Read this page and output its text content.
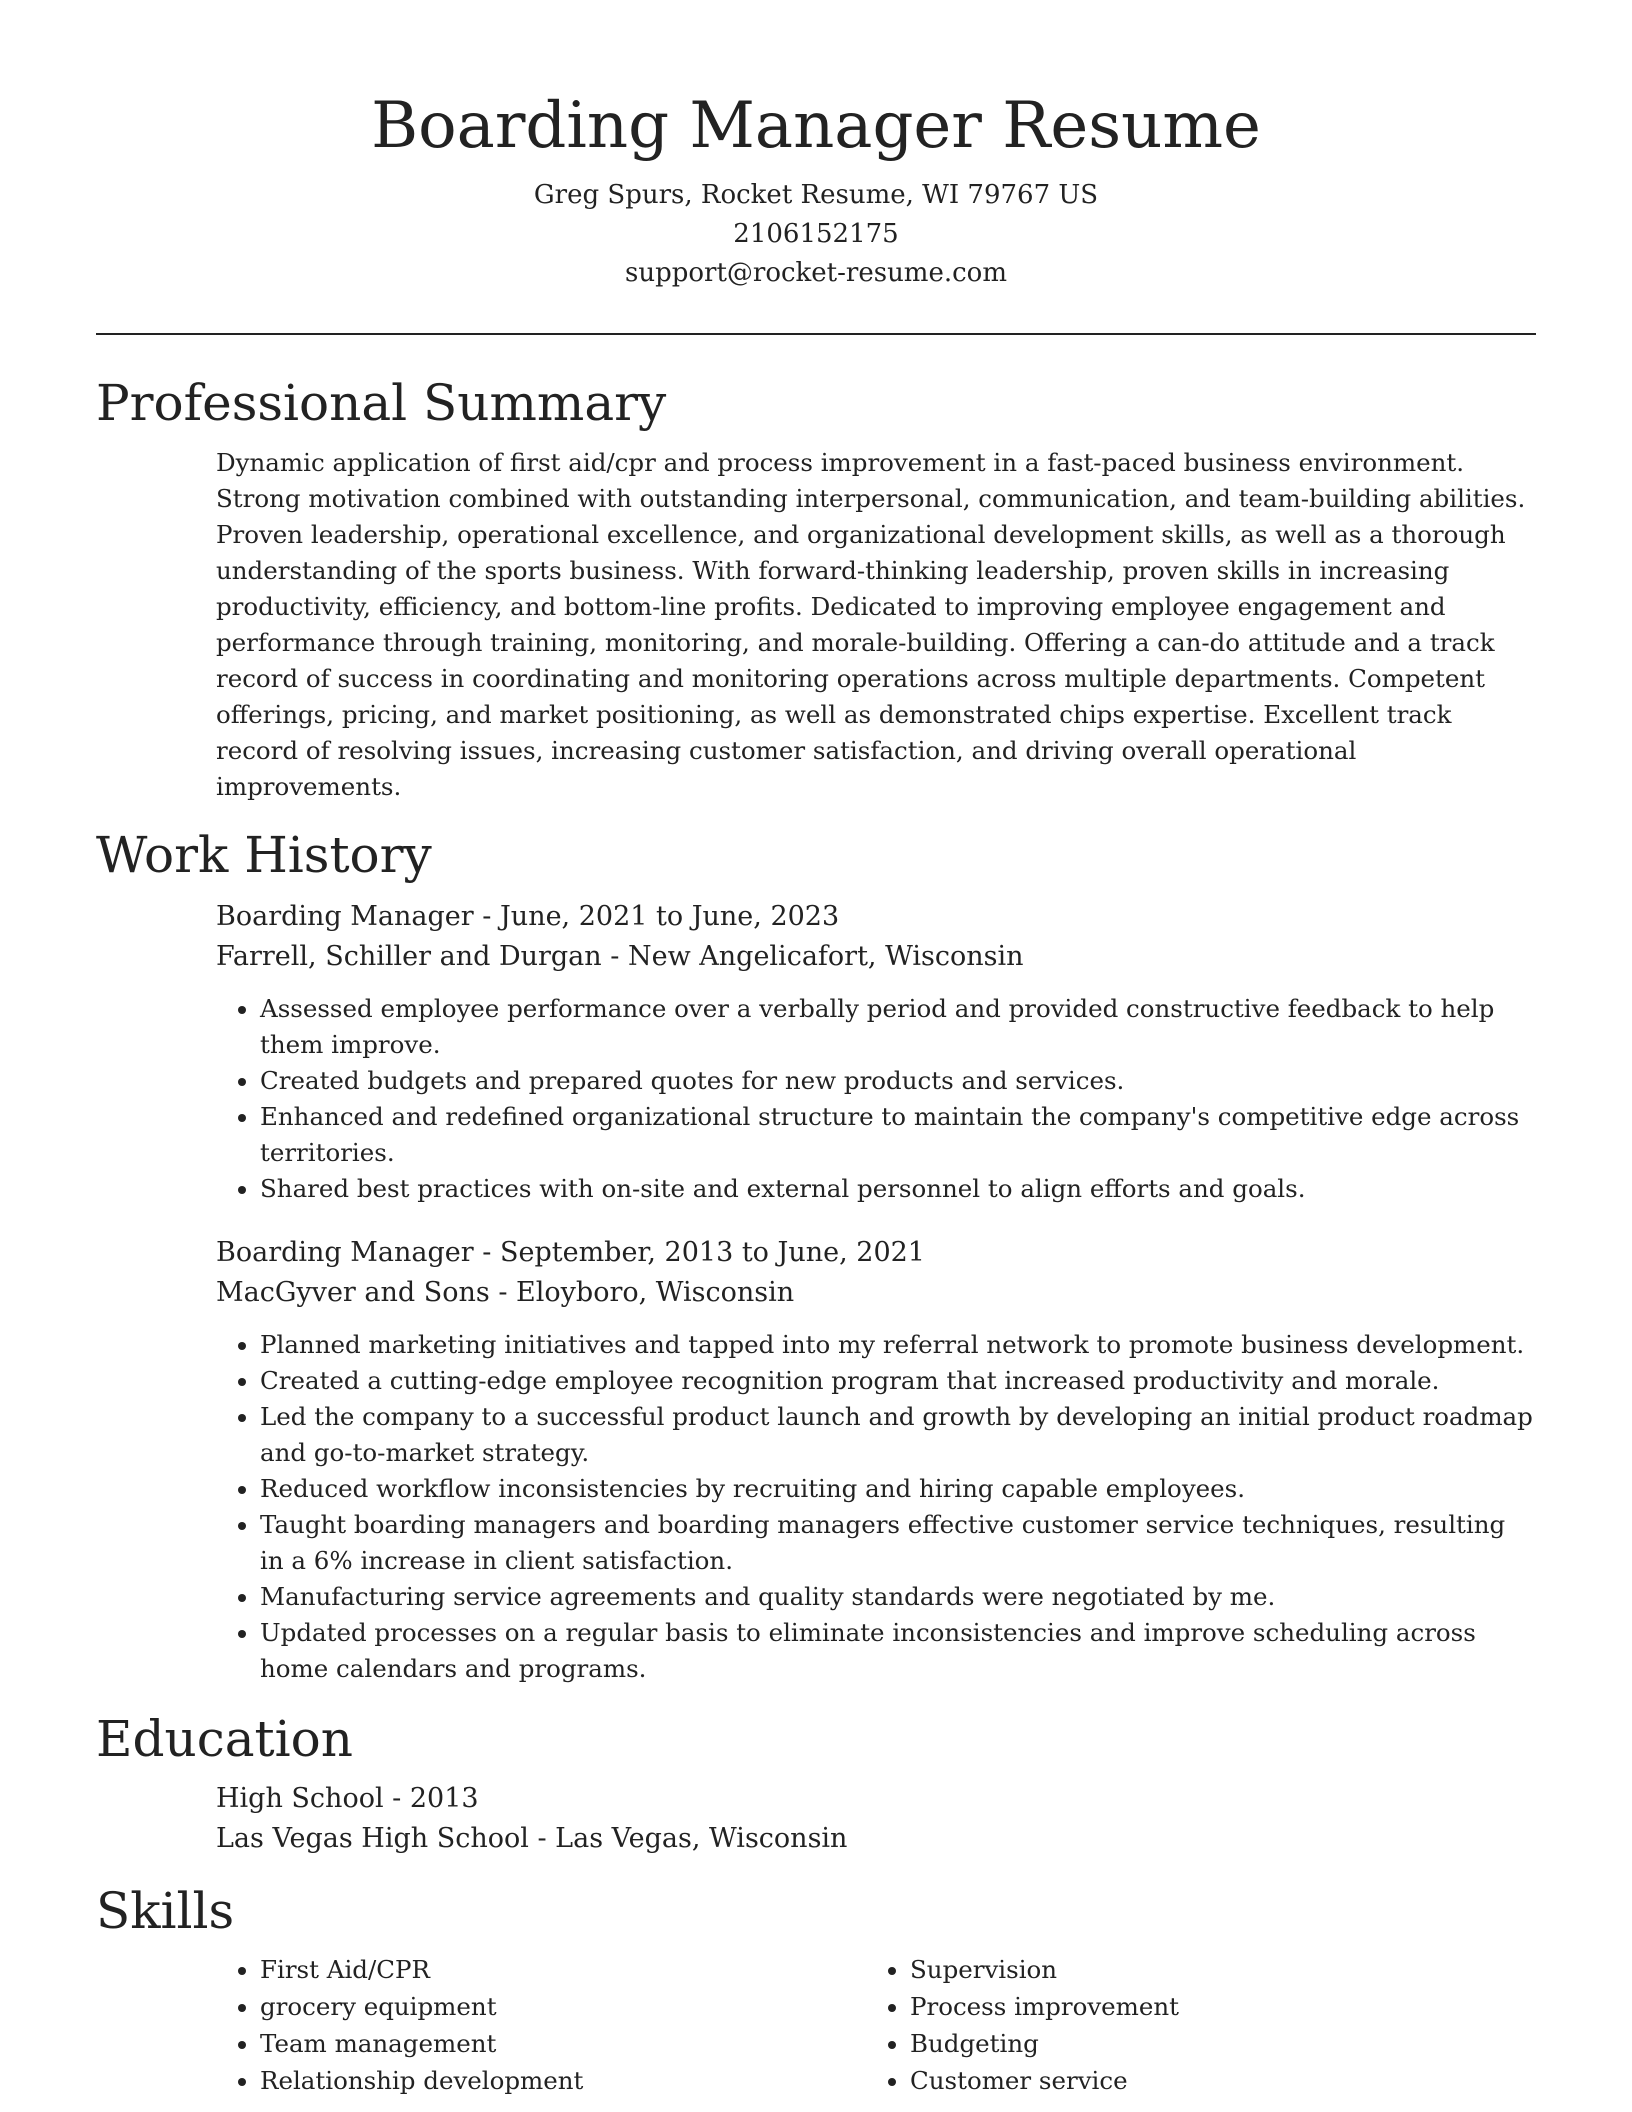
Boarding Manager Resume
Greg Spurs, Rocket Resume, WI 79767 US
2106152175
support@rocket-resume.com
Professional Summary

Dynamic application of first aid/cpr and process improvement in a fast-paced business environment. Strong motivation combined with outstanding interpersonal, communication, and team-building abilities. Proven leadership, operational excellence, and organizational development skills, as well as a thorough understanding of the sports business. With forward-thinking leadership, proven skills in increasing productivity, efficiency, and bottom-line profits. Dedicated to improving employee engagement and performance through training, monitoring, and morale-building. Offering a can-do attitude and a track record of success in coordinating and monitoring operations across multiple departments. Competent offerings, pricing, and market positioning, as well as demonstrated chips expertise. Excellent track record of resolving issues, increasing customer satisfaction, and driving overall operational improvements.

Work History
Boarding Manager - June, 2021 to June, 2023
Farrell, Schiller and Durgan - New Angelicafort, Wisconsin
• Assessed employee performance over a verbally period and provided constructive feedback to help them improve.
• Created budgets and prepared quotes for new products and services.
• Enhanced and redefined organizational structure to maintain the company's competitive edge across territories.
• Shared best practices with on-site and external personnel to align efforts and goals.
Boarding Manager - September, 2013 to June, 2021
MacGyver and Sons - Eloyboro, Wisconsin
• Planned marketing initiatives and tapped into my referral network to promote business development.
• Created a cutting-edge employee recognition program that increased productivity and morale.
• Led the company to a successful product launch and growth by developing an initial product roadmap and go-to-market strategy.
• Reduced workflow inconsistencies by recruiting and hiring capable employees.
• Taught boarding managers and boarding managers effective customer service techniques, resulting in a 6% increase in client satisfaction.
• Manufacturing service agreements and quality standards were negotiated by me.
• Updated processes on a regular basis to eliminate inconsistencies and improve scheduling across home calendars and programs.
Education
High School - 2013
Las Vegas High School - Las Vegas, Wisconsin
Skills
• First Aid/CPR
• grocery equipment
• Team management
• Relationship development
• Supervision
• Process improvement
• Budgeting
• Customer service
